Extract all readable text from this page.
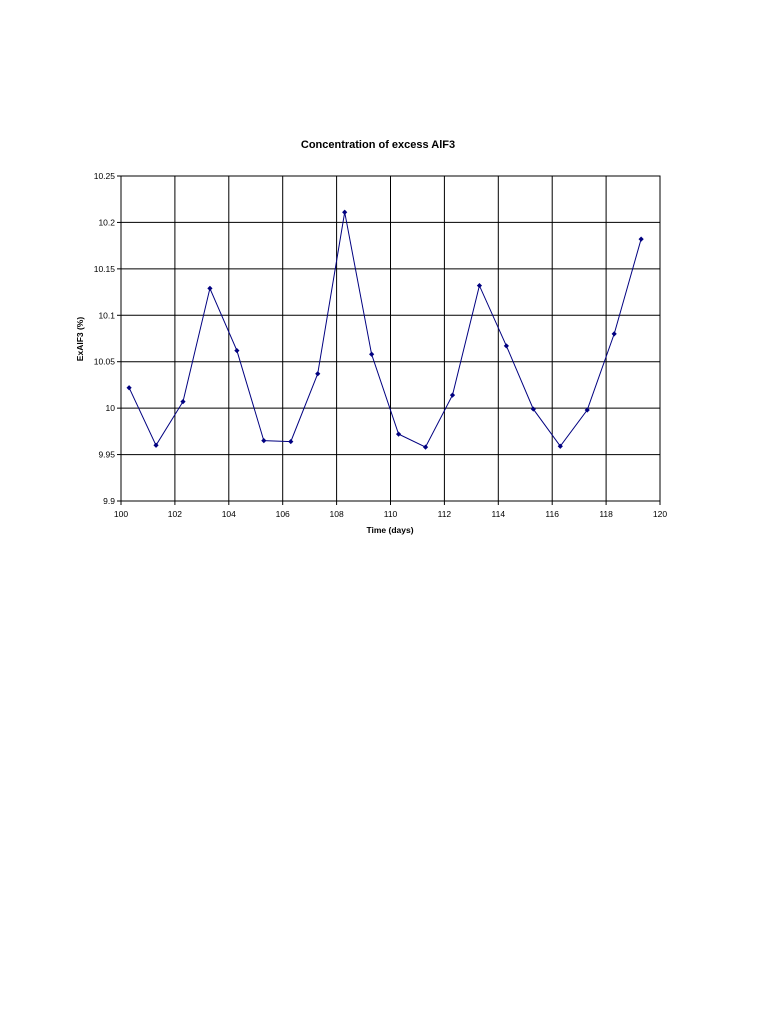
Concentration of excess AlF3
100	102	104	106	108	110	112	114	116	118	120
9.9
9.95
10
10.05
10.1
10.15
10.2
10.25
Time (days)
ExAlF3 (%)
